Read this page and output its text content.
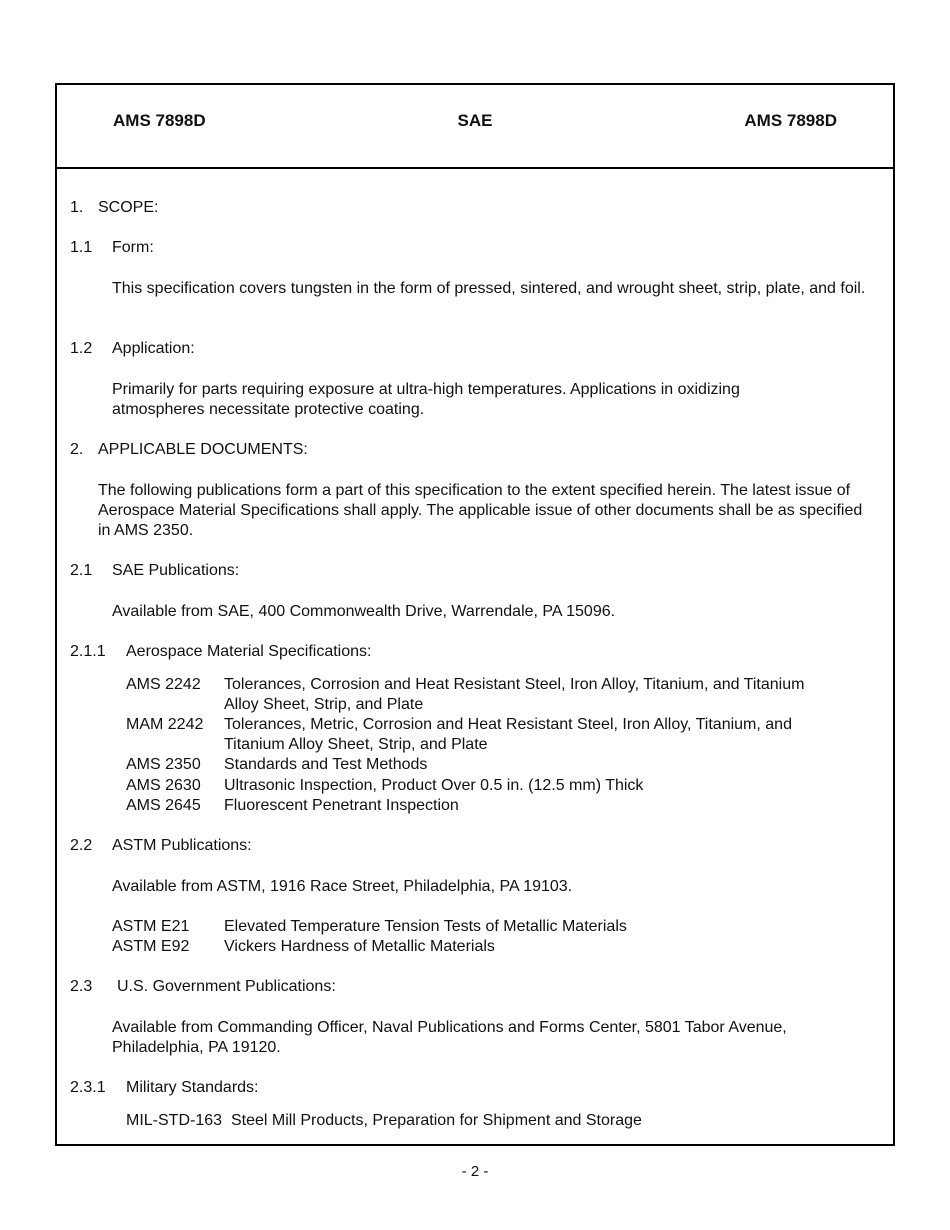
AMS 7898D	SAE	AMS 7898D
1. SCOPE:
1.1 Form:
This specification covers tungsten in the form of pressed, sintered, and wrought sheet, strip, plate, and foil.
1.2 Application:
Primarily for parts requiring exposure at ultra-high temperatures. Applications in oxidizing atmospheres necessitate protective coating.
2. APPLICABLE DOCUMENTS:
The following publications form a part of this specification to the extent specified herein. The latest issue of Aerospace Material Specifications shall apply. The applicable issue of other documents shall be as specified in AMS 2350.
2.1 SAE Publications:
Available from SAE, 400 Commonwealth Drive, Warrendale, PA 15096.
2.1.1 Aerospace Material Specifications:
AMS 2242 Tolerances, Corrosion and Heat Resistant Steel, Iron Alloy, Titanium, and Titanium
Alloy Sheet, Strip, and Plate
MAM 2242 Tolerances, Metric, Corrosion and Heat Resistant Steel, Iron Alloy, Titanium, and
Titanium Alloy Sheet, Strip, and Plate
AMS 2350 Standards and Test Methods
AMS 2630 Ultrasonic Inspection, Product Over 0.5 in. (12.5 mm) Thick
AMS 2645 Fluorescent Penetrant Inspection
2.2 ASTM Publications:
Available from ASTM, 1916 Race Street, Philadelphia, PA 19103.
ASTM E21 Elevated Temperature Tension Tests of Metallic Materials
ASTM E92 Vickers Hardness of Metallic Materials
2.3 U.S. Government Publications:
Available from Commanding Officer, Naval Publications and Forms Center, 5801 Tabor Avenue, Philadelphia, PA 19120.
2.3.1 Military Standards:
MIL-STD-163 Steel Mill Products, Preparation for Shipment and Storage
- 2 -
